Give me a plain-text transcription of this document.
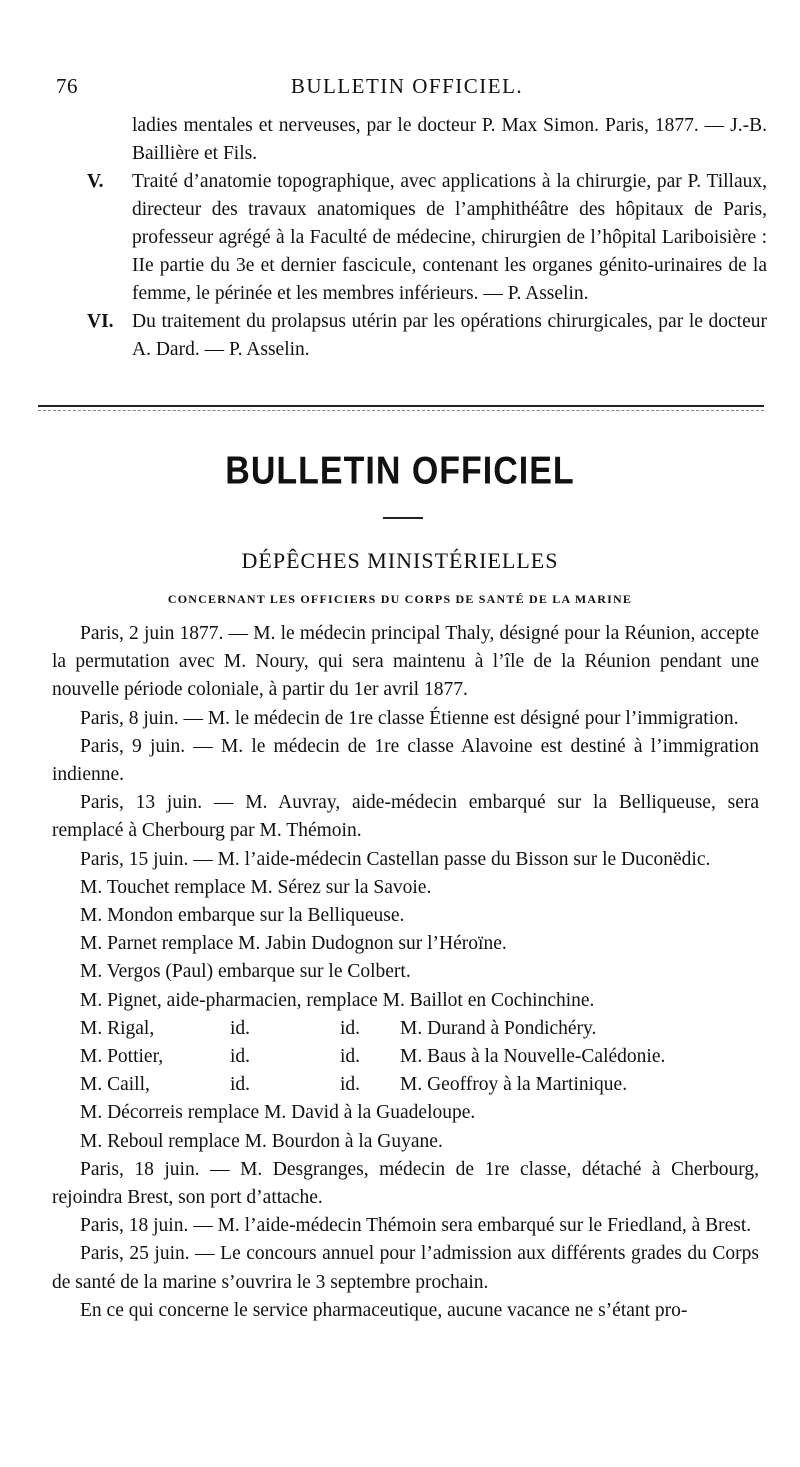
76	BULLETIN OFFICIEL.

ladies mentales et nerveuses, par le docteur P. Max Simon. Paris, 1877. — J.-B. Baillière et Fils.

V. Traité d’anatomie topographique, avec applications à la chirurgie, par P. Tillaux, directeur des travaux anatomiques de l’amphithéâtre des hôpitaux de Paris, professeur agrégé à la Faculté de médecine, chirurgien de l’hôpital Lariboisière : IIe partie du 3e et dernier fascicule, contenant les organes génito-urinaires de la femme, le périnée et les membres inférieurs. — P. Asselin.

VI. Du traitement du prolapsus utérin par les opérations chirurgicales, par le docteur A. Dard. — P. Asselin.

BULLETIN OFFICIEL
DÉPÊCHES MINISTÉRIELLES
CONCERNANT LES OFFICIERS DU CORPS DE SANTÉ DE LA MARINE

Paris, 2 juin 1877. — M. le médecin principal Thaly, désigné pour la Réunion, accepte la permutation avec M. Noury, qui sera maintenu à l’île de la Réunion pendant une nouvelle période coloniale, à partir du 1er avril 1877.

Paris, 8 juin. — M. le médecin de 1re classe Étienne est désigné pour l’immigration.

Paris, 9 juin. — M. le médecin de 1re classe Alavoine est destiné à l’immigration indienne.

Paris, 13 juin. — M. Auvray, aide-médecin embarqué sur la Belliqueuse, sera remplacé à Cherbourg par M. Thémoin.

Paris, 15 juin. — M. l’aide-médecin Castellan passe du Bisson sur le Duconëdic.

M. Touchet remplace M. Sérez sur la Savoie.

M. Mondon embarque sur la Belliqueuse.

M. Parnet remplace M. Jabin Dudognon sur l’Héroïne.

M. Vergos (Paul) embarque sur le Colbert.

M. Pignet, aide-pharmacien, remplace M. Baillot en Cochinchine.

M. Rigal,	id.	id.	M. Durand à Pondichéry.
M. Pottier,	id.	id.	M. Baus à la Nouvelle-Calédonie.
M. Caill,	id.	id.	M. Geoffroy à la Martinique.

M. Décorreis remplace M. David à la Guadeloupe.

M. Reboul remplace M. Bourdon à la Guyane.

Paris, 18 juin. — M. Desgranges, médecin de 1re classe, détaché à Cherbourg, rejoindra Brest, son port d’attache.

Paris, 18 juin. — M. l’aide-médecin Thémoin sera embarqué sur le Friedland, à Brest.

Paris, 25 juin. — Le concours annuel pour l’admission aux différents grades du Corps de santé de la marine s’ouvrira le 3 septembre prochain.

En ce qui concerne le service pharmaceutique, aucune vacance ne s’étant pro-
